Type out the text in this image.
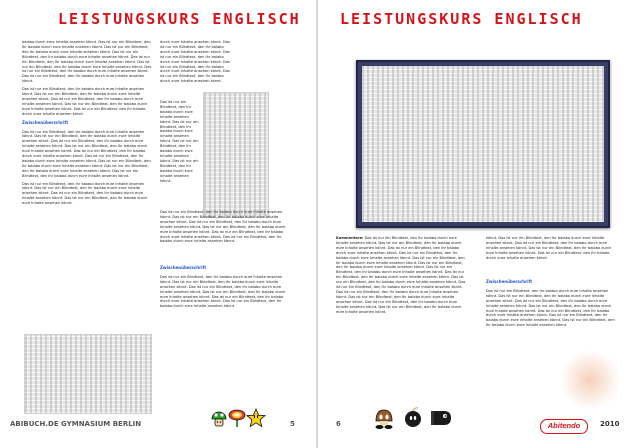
LEISTUNGSKURS ENGLISCH

balabo durch eure Inhalte ansehen könnt. Das ist nur ein Blindtext, den Ihr balabo durch eure Inhalte ansehen könnt. Das ist nur ein Blindtext, den Ihr balabo durch eure Inhalte ansehen könnt. Das ist nur ein Blindtext, den Ihr balabo durch eure Inhalte ansehen könnt. Das ist nur ein Blindtext, den Ihr balabo durch eure Inhalte ansehen könnt. Das ist nur ein Blindtext, den Ihr balabo durch eure Inhalte ansehen könnt. Das ist nur ein Blindtext, den Ihr balabo durch eure Inhalte ansehen könnt. Das ist nur ein Blindtext, den Ihr balabo durch eure Inhalte ansehen könnt.

Das ist nur ein Blindtext, den Ihr balabo durch eure Inhalte ansehen könnt. Das ist nur ein Blindtext, den Ihr balabo durch eure Inhalte ansehen könnt. Das ist nur ein Blindtext, den Ihr balabo durch eure Inhalte ansehen könnt. Das ist nur ein Blindtext, den Ihr balabo durch eure Inhalte ansehen könnt. Das ist nur ein Blindtext, den Ihr balabo durch eure Inhalte ansehen könnt.

Zwischenüberschrift

Das ist nur ein Blindtext, den Ihr balabo durch eure Inhalte ansehen könnt. Das ist nur ein Blindtext, den Ihr balabo durch eure Inhalte ansehen könnt. Das ist nur ein Blindtext, den Ihr balabo durch eure Inhalte ansehen könnt. Das ist nur ein Blindtext, den Ihr balabo durch eure Inhalte ansehen könnt. Das ist nur ein Blindtext, den Ihr balabo durch eure Inhalte ansehen könnt. Das ist nur ein Blindtext, den Ihr balabo durch eure Inhalte ansehen könnt. Das ist nur ein Blindtext, den Ihr balabo durch eure Inhalte ansehen könnt. Das ist nur ein Blindtext, den Ihr balabo durch eure Inhalte ansehen könnt. Das ist nur ein Blindtext, den Ihr balabo durch eure Inhalte ansehen könnt.

Das ist nur ein Blindtext, den Ihr balabo durch eure Inhalte ansehen könnt. Das ist nur ein Blindtext, den Ihr balabo durch eure Inhalte ansehen könnt. Das ist nur ein Blindtext, den Ihr balabo durch eure Inhalte ansehen könnt. Das ist nur ein Blindtext, den Ihr balabo durch eure Inhalte ansehen könnt.

durch eure Inhalte ansehen könnt. Das ist nur ein Blindtext, den Ihr balabo durch eure Inhalte ansehen könnt. Das ist nur ein Blindtext, den Ihr balabo durch eure Inhalte ansehen könnt. Das ist nur ein Blindtext, den Ihr balabo durch eure Inhalte ansehen könnt. Das ist nur ein Blindtext, den Ihr balabo durch eure Inhalte ansehen könnt.

Das ist nur ein Blindtext, den Ihr balabo durch eure Inhalte ansehen könnt. Das ist nur ein Blindtext, den Ihr balabo durch eure Inhalte ansehen könnt. Das ist nur ein Blindtext, den Ihr balabo durch eure Inhalte ansehen könnt. Das ist nur ein Blindtext, den Ihr balabo durch eure Inhalte ansehen könnt.

Das ist nur ein Blindtext, den Ihr balabo durch eure Inhalte ansehen könnt. Das ist nur ein Blindtext, den Ihr balabo durch eure Inhalte ansehen könnt. Das ist nur ein Blindtext, den Ihr balabo durch eure Inhalte ansehen könnt. Das ist nur ein Blindtext, den Ihr balabo durch eure Inhalte ansehen könnt. Das ist nur ein Blindtext, den Ihr balabo durch eure Inhalte ansehen könnt. Das ist nur ein Blindtext, den Ihr balabo durch eure Inhalte ansehen könnt.

Zwischenüberschrift

Das ist nur ein Blindtext, den Ihr balabo durch eure Inhalte ansehen könnt. Das ist nur ein Blindtext, den Ihr balabo durch eure Inhalte ansehen könnt. Das ist nur ein Blindtext, den Ihr balabo durch eure Inhalte ansehen könnt. Das ist nur ein Blindtext, den Ihr balabo durch eure Inhalte ansehen könnt. Das ist nur ein Blindtext, den Ihr balabo durch eure Inhalte ansehen könnt. Das ist nur ein Blindtext, den Ihr balabo durch eure Inhalte ansehen könnt.

ABIBUCH.DE GYMNASIUM BERLIN	5
LEISTUNGSKURS ENGLISCH

Kommentare: Das ist nur ein Blindtext, den Ihr balabo durch eure Inhalte ansehen könnt. Das ist nur ein Blindtext, den Ihr balabo durch eure Inhalte ansehen könnt. Das ist nur ein Blindtext, den Ihr balabo durch eure Inhalte ansehen könnt. Das ist nur ein Blindtext, den Ihr balabo durch eure Inhalte ansehen könnt. Das ist nur ein Blindtext, den Ihr balabo durch eure Inhalte ansehen könnt. Das ist nur ein Blindtext, den Ihr balabo durch eure Inhalte ansehen könnt. Das ist nur ein Blindtext, den Ihr balabo durch eure Inhalte ansehen könnt. Das ist nur ein Blindtext, den Ihr balabo durch eure Inhalte ansehen könnt. Das ist nur ein Blindtext, den Ihr balabo durch eure Inhalte ansehen könnt. Das ist nur ein Blindtext, den Ihr balabo durch eure Inhalte ansehen könnt. Das ist nur ein Blindtext, den Ihr balabo durch eure Inhalte ansehen könnt. Das ist nur ein Blindtext, den Ihr balabo durch eure Inhalte ansehen könnt. Das ist nur ein Blindtext, den Ihr balabo durch eure Inhalte ansehen könnt. Das ist nur ein Blindtext, den Ihr balabo durch eure Inhalte ansehen könnt.

könnt. Das ist nur ein Blindtext, den Ihr balabo durch eure Inhalte ansehen könnt. Das ist nur ein Blindtext, den Ihr balabo durch eure Inhalte ansehen könnt. Das ist nur ein Blindtext, den Ihr balabo durch eure Inhalte ansehen könnt. Das ist nur ein Blindtext, den Ihr balabo durch eure Inhalte ansehen könnt.

Zwischenüberschrift

Das ist nur ein Blindtext, den Ihr balabo durch eure Inhalte ansehen könnt. Das ist nur ein Blindtext, den Ihr balabo durch eure Inhalte ansehen könnt. Das ist nur ein Blindtext, den Ihr balabo durch eure Inhalte ansehen könnt. Das ist nur ein Blindtext, den Ihr balabo durch eure Inhalte ansehen könnt. Das ist nur ein Blindtext, den Ihr balabo durch eure Inhalte ansehen könnt. Das ist nur ein Blindtext, den Ihr balabo durch eure Inhalte ansehen könnt. Das ist nur ein Blindtext, den Ihr balabo durch eure Inhalte ansehen könnt.

6	2010
Abitendo
